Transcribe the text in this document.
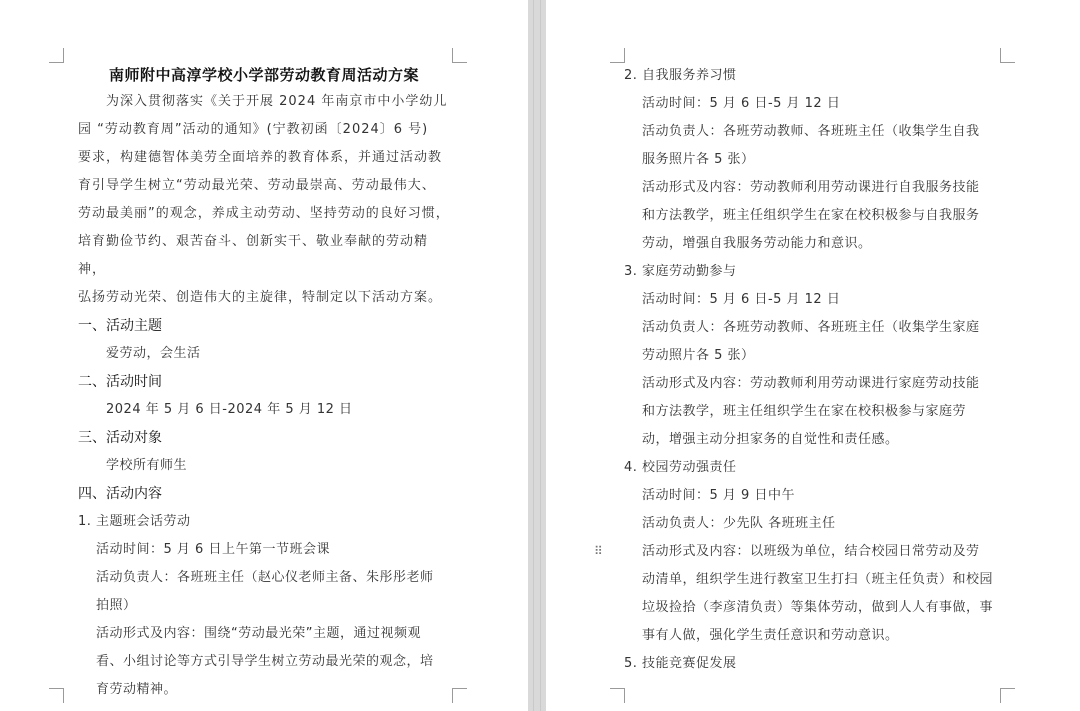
南师附中高淳学校小学部劳动教育周活动方案
为深入贯彻落实《关于开展 2024 年南京市中小学幼儿
园 “劳动教育周”活动的通知》(宁教初函〔2024〕6 号)
要求，构建德智体美劳全面培养的教育体系，并通过活动教
育引导学生树立“劳动最光荣、劳动最崇高、劳动最伟大、
劳动最美丽”的观念，养成主动劳动、坚持劳动的良好习惯，
培育勤俭节约、艰苦奋斗、创新实干、敬业奉献的劳动精神，
弘扬劳动光荣、创造伟大的主旋律，特制定以下活动方案。
一、活动主题
爱劳动，会生活
二、活动时间
2024 年 5 月 6 日-2024 年 5 月 12 日
三、活动对象
学校所有师生
四、活动内容
1. 主题班会话劳动
活动时间：5 月 6 日上午第一节班会课
活动负责人：各班班主任（赵心仪老师主备、朱彤彤老师
拍照）
活动形式及内容：围绕“劳动最光荣”主题，通过视频观
看、小组讨论等方式引导学生树立劳动最光荣的观念，培
育劳动精神。
2. 自我服务养习惯
活动时间：5 月 6 日-5 月 12 日
活动负责人：各班劳动教师、各班班主任（收集学生自我
服务照片各 5 张）
活动形式及内容：劳动教师利用劳动课进行自我服务技能
和方法教学，班主任组织学生在家在校积极参与自我服务
劳动，增强自我服务劳动能力和意识。
3. 家庭劳动勤参与
活动时间：5 月 6 日-5 月 12 日
活动负责人：各班劳动教师、各班班主任（收集学生家庭
劳动照片各 5 张）
活动形式及内容：劳动教师利用劳动课进行家庭劳动技能
和方法教学，班主任组织学生在家在校积极参与家庭劳
动，增强主动分担家务的自觉性和责任感。
4. 校园劳动强责任
活动时间：5 月 9 日中午
活动负责人：少先队 各班班主任
活动形式及内容：以班级为单位，结合校园日常劳动及劳
动清单，组织学生进行教室卫生打扫（班主任负责）和校园
垃圾捡拾（李彦清负责）等集体劳动，做到人人有事做，事
事有人做，强化学生责任意识和劳动意识。
5. 技能竞赛促发展
⠿
